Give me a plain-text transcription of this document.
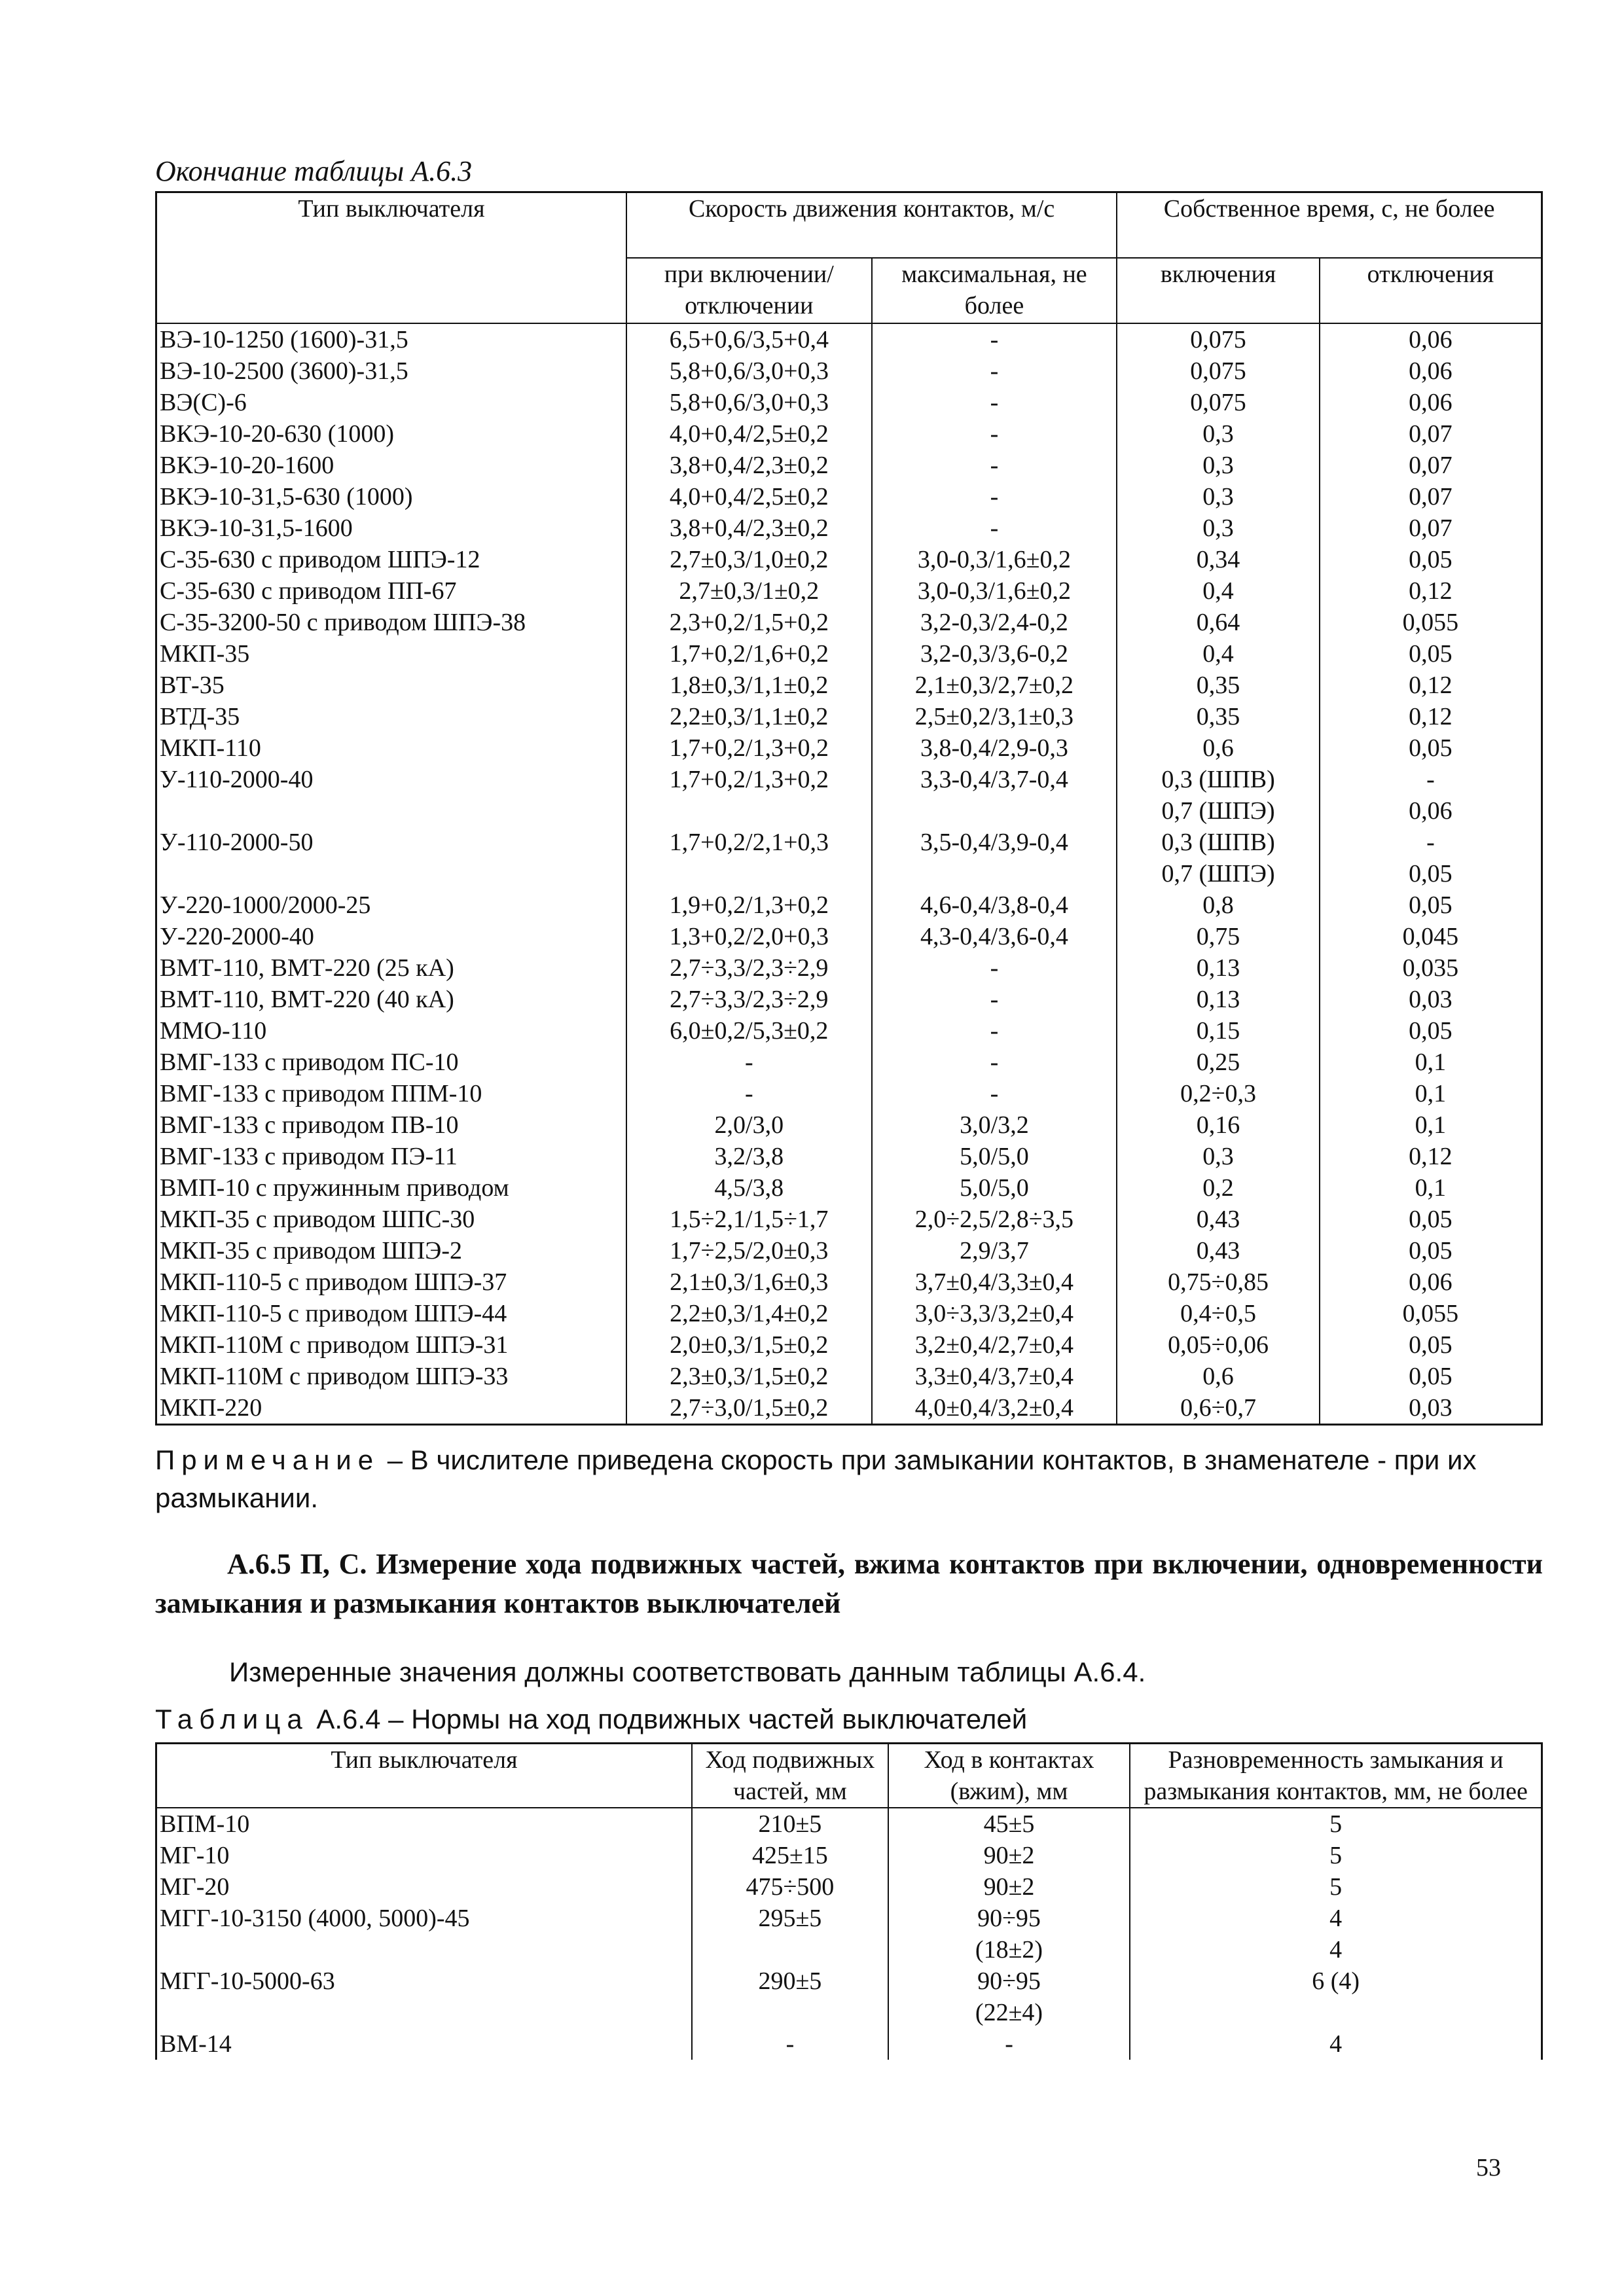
Окончание таблицы А.6.3
Тип выключателя	Скорость движения контактов, м/с		Собственное время, с, не более	
	при включении/ отключении	максимальная, не более	включения	отключения
ВЭ-10-1250 (1600)-31,5	6,5+0,6/3,5+0,4	-	0,075	0,06
ВЭ-10-2500 (3600)-31,5	5,8+0,6/3,0+0,3	-	0,075	0,06
ВЭ(С)-6	5,8+0,6/3,0+0,3	-	0,075	0,06
ВКЭ-10-20-630 (1000)	4,0+0,4/2,5±0,2	-	0,3	0,07
ВКЭ-10-20-1600	3,8+0,4/2,3±0,2	-	0,3	0,07
ВКЭ-10-31,5-630 (1000)	4,0+0,4/2,5±0,2	-	0,3	0,07
ВКЭ-10-31,5-1600	3,8+0,4/2,3±0,2	-	0,3	0,07
С-35-630 с приводом ШПЭ-12	2,7±0,3/1,0±0,2	3,0-0,3/1,6±0,2	0,34	0,05
С-35-630 с приводом ПП-67	2,7±0,3/1±0,2	3,0-0,3/1,6±0,2	0,4	0,12
С-35-3200-50 с приводом ШПЭ-38	2,3+0,2/1,5+0,2	3,2-0,3/2,4-0,2	0,64	0,055
МКП-35	1,7+0,2/1,6+0,2	3,2-0,3/3,6-0,2	0,4	0,05
ВТ-35	1,8±0,3/1,1±0,2	2,1±0,3/2,7±0,2	0,35	0,12
ВТД-35	2,2±0,3/1,1±0,2	2,5±0,2/3,1±0,3	0,35	0,12
МКП-110	1,7+0,2/1,3+0,2	3,8-0,4/2,9-0,3	0,6	0,05
У-110-2000-40	1,7+0,2/1,3+0,2	3,3-0,4/3,7-0,4	0,3 (ШПВ)	-
			0,7 (ШПЭ)	0,06
У-110-2000-50	1,7+0,2/2,1+0,3	3,5-0,4/3,9-0,4	0,3 (ШПВ)	-
			0,7 (ШПЭ)	0,05
У-220-1000/2000-25	1,9+0,2/1,3+0,2	4,6-0,4/3,8-0,4	0,8	0,05
У-220-2000-40	1,3+0,2/2,0+0,3	4,3-0,4/3,6-0,4	0,75	0,045
ВМТ-110, ВМТ-220 (25 кА)	2,7÷3,3/2,3÷2,9	-	0,13	0,035
ВМТ-110, ВМТ-220 (40 кА)	2,7÷3,3/2,3÷2,9	-	0,13	0,03
ММО-110	6,0±0,2/5,3±0,2	-	0,15	0,05
ВМГ-133 с приводом ПС-10	-	-	0,25	0,1
ВМГ-133 с приводом ППМ-10	-	-	0,2÷0,3	0,1
ВМГ-133 с приводом ПВ-10	2,0/3,0	3,0/3,2	0,16	0,1
ВМГ-133 с приводом ПЭ-11	3,2/3,8	5,0/5,0	0,3	0,12
ВМП-10 с пружинным приводом	4,5/3,8	5,0/5,0	0,2	0,1
МКП-35 с приводом ШПС-30	1,5÷2,1/1,5÷1,7	2,0÷2,5/2,8÷3,5	0,43	0,05
МКП-35 с приводом ШПЭ-2	1,7÷2,5/2,0±0,3	2,9/3,7	0,43	0,05
МКП-110-5 с приводом ШПЭ-37	2,1±0,3/1,6±0,3	3,7±0,4/3,3±0,4	0,75÷0,85	0,06
МКП-110-5 с приводом ШПЭ-44	2,2±0,3/1,4±0,2	3,0÷3,3/3,2±0,4	0,4÷0,5	0,055
МКП-110М с приводом ШПЭ-31	2,0±0,3/1,5±0,2	3,2±0,4/2,7±0,4	0,05÷0,06	0,05
МКП-110М с приводом ШПЭ-33	2,3±0,3/1,5±0,2	3,3±0,4/3,7±0,4	0,6	0,05
МКП-220	2,7÷3,0/1,5±0,2	4,0±0,4/3,2±0,4	0,6÷0,7	0,03
Примечание – В числителе приведена скорость при замыкании контактов, в знаменателе - при их размыкании.
А.6.5 П, С. Измерение хода подвижных частей, вжима контактов при включении, одновременности замыкания и размыкания контактов выключателей
Измеренные значения должны соответствовать данным таблицы А.6.4.
Таблица А.6.4 – Нормы на ход подвижных частей выключателей
Тип выключателя	Ход подвижных частей, мм	Ход в контактах (вжим), мм	Разновременность замыкания и размыкания контактов, мм, не более
ВПМ-10	210±5	45±5	5
МГ-10	425±15	90±2	5
МГ-20	475÷500	90±2	5
МГГ-10-3150 (4000, 5000)-45	295±5	90÷95	4
		(18±2)	4
МГГ-10-5000-63	290±5	90÷95	6 (4)
		(22±4)	
ВМ-14	-	-	4

53
